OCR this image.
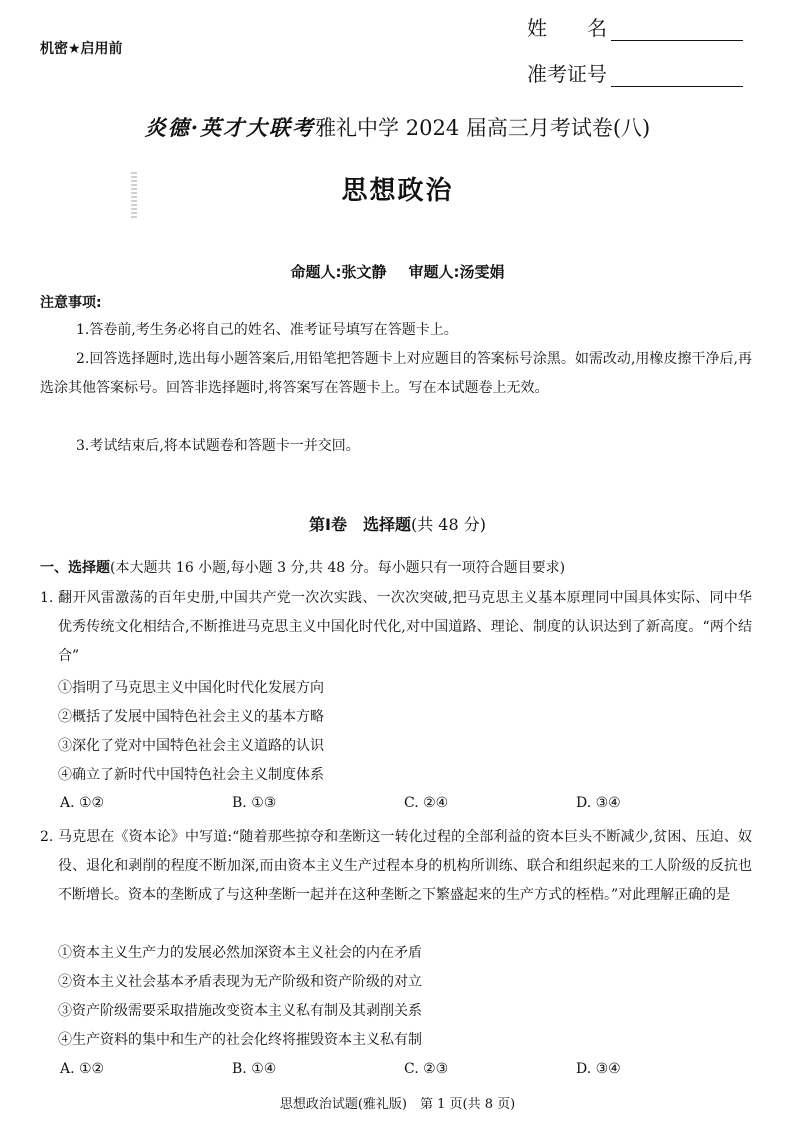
机密★启用前
姓　　名
准考证号
炎德·英才大联考雅礼中学 2024 届高三月考试卷(八)
思想政治
命题人:张文静 审题人:汤雯娟
注意事项:
1.答卷前,考生务必将自己的姓名、准考证号填写在答题卡上。
2.回答选择题时,选出每小题答案后,用铅笔把答题卡上对应题目的答案标号涂黑。如需改动,用橡皮擦干净后,再选涂其他答案标号。回答非选择题时,将答案写在答题卡上。写在本试题卷上无效。
3.考试结束后,将本试题卷和答题卡一并交回。
第Ⅰ卷　选择题(共 48 分)
一、选择题(本大题共 16 小题,每小题 3 分,共 48 分。每小题只有一项符合题目要求)
1. 翻开风雷激荡的百年史册,中国共产党一次次实践、一次次突破,把马克思主义基本原理同中国具体实际、同中华优秀传统文化相结合,不断推进马克思主义中国化时代化,对中国道路、理论、制度的认识达到了新高度。“两个结合”
①指明了马克思主义中国化时代化发展方向
②概括了发展中国特色社会主义的基本方略
③深化了党对中国特色社会主义道路的认识
④确立了新时代中国特色社会主义制度体系
A. ①②	B. ①③	C. ②④	D. ③④
2. 马克思在《资本论》中写道:“随着那些掠夺和垄断这一转化过程的全部利益的资本巨头不断减少,贫困、压迫、奴役、退化和剥削的程度不断加深,而由资本主义生产过程本身的机构所训练、联合和组织起来的工人阶级的反抗也不断增长。资本的垄断成了与这种垄断一起并在这种垄断之下繁盛起来的生产方式的桎梏。”对此理解正确的是
①资本主义生产力的发展必然加深资本主义社会的内在矛盾
②资本主义社会基本矛盾表现为无产阶级和资产阶级的对立
③资产阶级需要采取措施改变资本主义私有制及其剥削关系
④生产资料的集中和生产的社会化终将摧毁资本主义私有制
A. ①②	B. ①④	C. ②③	D. ③④
思想政治试题(雅礼版)　第 1 页(共 8 页)
